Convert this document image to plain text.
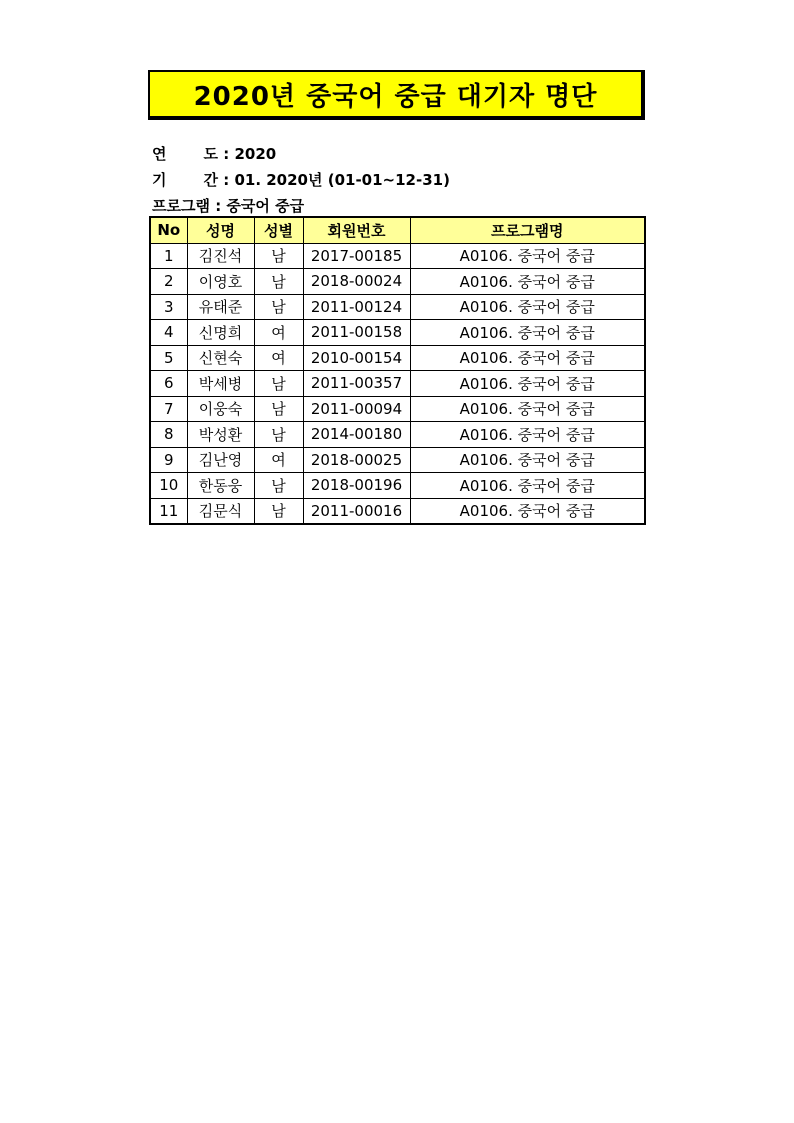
2020년 중국어 중급 대기자 명단
연 도 : 2020
기 간 : 01. 2020년 (01-01~12-31)
프로그램 : 중국어 중급
No	성명	성별	회원번호	프로그램명
1	김진석	남	2017-00185	A0106. 중국어 중급
2	이영호	남	2018-00024	A0106. 중국어 중급
3	유태준	남	2011-00124	A0106. 중국어 중급
4	신명희	여	2011-00158	A0106. 중국어 중급
5	신현숙	여	2010-00154	A0106. 중국어 중급
6	박세병	남	2011-00357	A0106. 중국어 중급
7	이웅숙	남	2011-00094	A0106. 중국어 중급
8	박성환	남	2014-00180	A0106. 중국어 중급
9	김난영	여	2018-00025	A0106. 중국어 중급
10	한동웅	남	2018-00196	A0106. 중국어 중급
11	김문식	남	2011-00016	A0106. 중국어 중급
